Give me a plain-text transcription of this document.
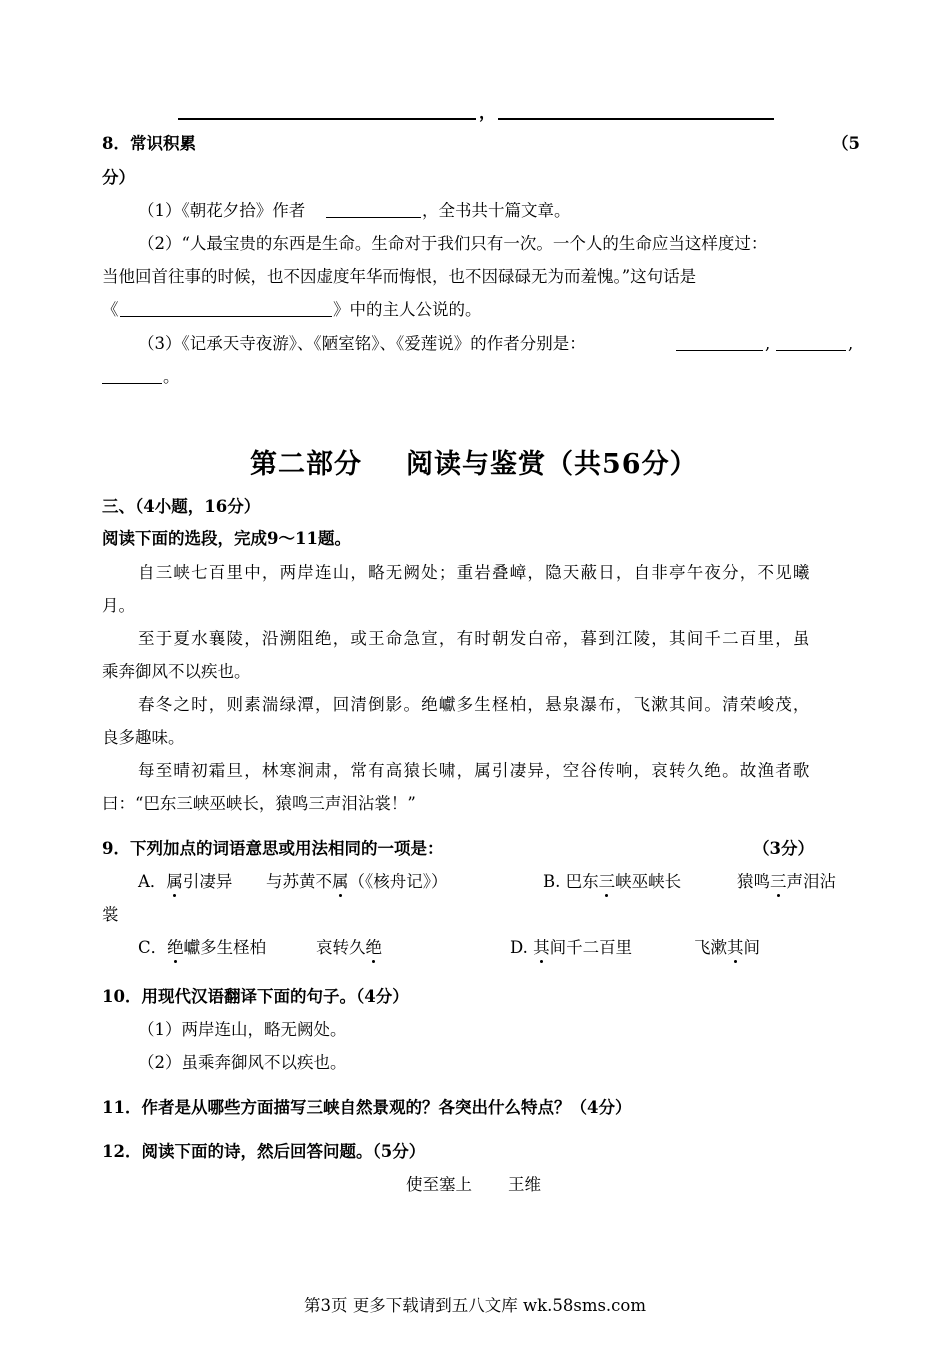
，
8．常识积累	（5
分）
（1）《朝花夕拾》作者	，全书共十篇文章。
（2）“人最宝贵的东西是生命。生命对于我们只有一次。一个人的生命应当这样度过：
当他回首往事的时候，也不因虚度年华而悔恨，也不因碌碌无为而羞愧。”这句话是
《	》中的主人公说的。
（3）《记承天寺夜游》、《陋室铭》、《爱莲说》的作者分别是：	,	,
。
第二部分 阅读与鉴赏（共56分）
三、（4小题，16分）
阅读下面的选段，完成9～11题。
自三峡七百里中，两岸连山，略无阙处；重岩叠嶂，隐天蔽日，自非亭午夜分，不见曦
月。
至于夏水襄陵，沿溯阻绝，或王命急宣，有时朝发白帝，暮到江陵，其间千二百里，虽
乘奔御风不以疾也。
春冬之时，则素湍绿潭，回清倒影。绝巘多生柽柏，悬泉瀑布，飞漱其间。清荣峻茂，
良多趣味。
每至晴初霜旦，林寒涧肃，常有高猿长啸，属引凄异，空谷传响，哀转久绝。故渔者歌
曰：“巴东三峡巫峡长，猿鸣三声泪沾裳！”
9．下列加点的词语意思或用法相同的一项是：	（3分）
A．属引凄异 与苏黄不属（《核舟记》）	B. 巴东三峡巫峡长	猿鸣三声泪沾
裳
C．绝巘多生柽柏	哀转久绝	D. 其间千二百里	飞漱其间
10．用现代汉语翻译下面的句子。（4分）
（1）两岸连山，略无阙处。
（2）虽乘奔御风不以疾也。
11．作者是从哪些方面描写三峡自然景观的？各突出什么特点？（4分）
12．阅读下面的诗，然后回答问题。（5分）
使至塞上 王维
第3页 更多下载请到五八文库 wk.58sms.com
